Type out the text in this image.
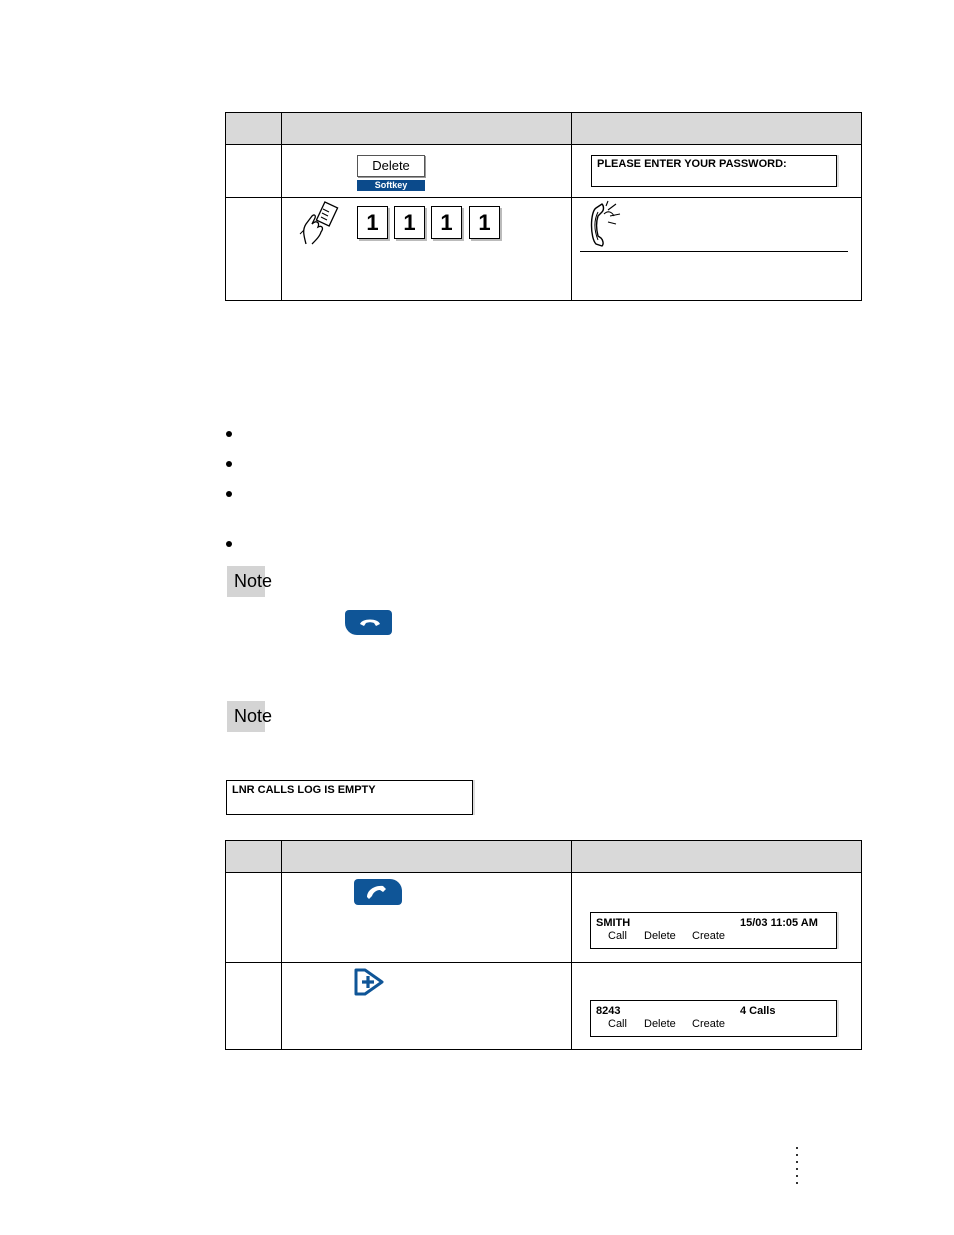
Delete
Softkey
PLEASE ENTER YOUR PASSWORD:
1	1	1	1
Note
Note
LNR CALLS LOG IS EMPTY
SMITH	15/03 11:05 AM
Call Delete Create
8243	4 Calls
Call Delete Create
